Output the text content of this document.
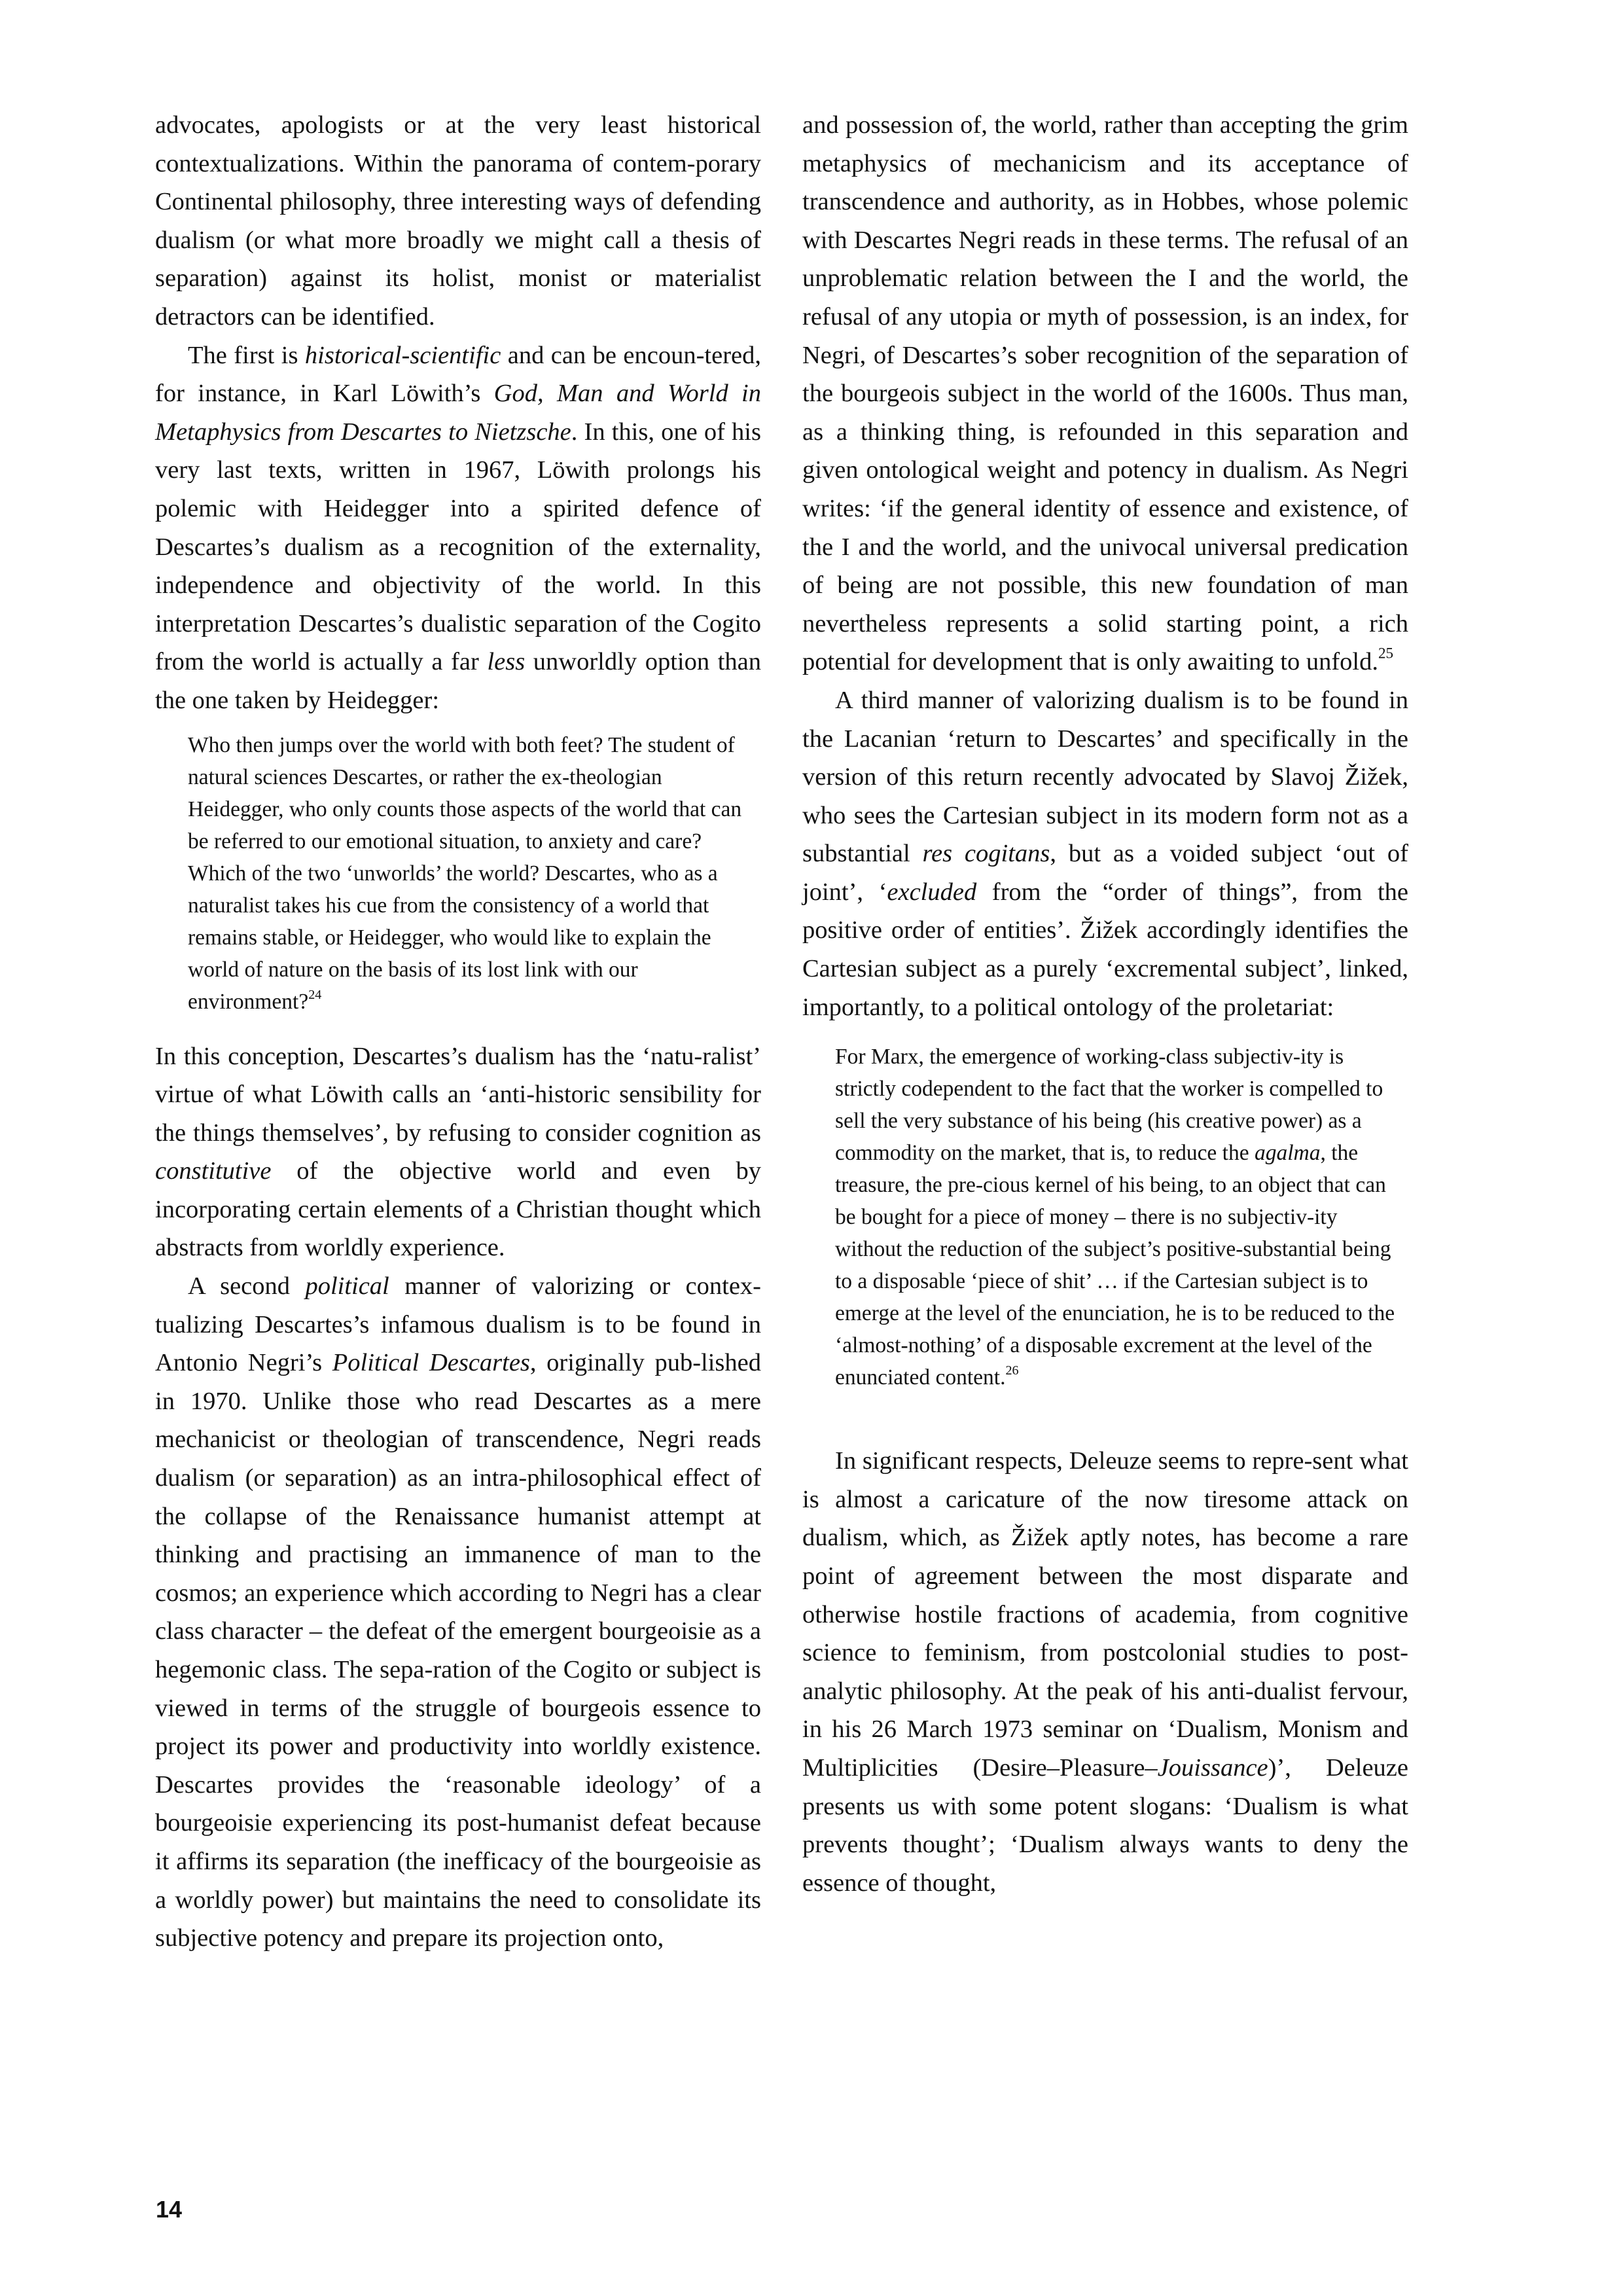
advocates, apologists or at the very least historical contextualizations. Within the panorama of contem-porary Continental philosophy, three interesting ways of defending dualism (or what more broadly we might call a thesis of separation) against its holist, monist or materialist detractors can be identified.

The first is historical-scientific and can be encoun-tered, for instance, in Karl Löwith’s God, Man and World in Metaphysics from Descartes to Nietzsche. In this, one of his very last texts, written in 1967, Löwith prolongs his polemic with Heidegger into a spirited defence of Descartes’s dualism as a recognition of the externality, independence and objectivity of the world. In this interpretation Descartes’s dualistic separation of the Cogito from the world is actually a far less unworldly option than the one taken by Heidegger:

Who then jumps over the world with both feet? The student of natural sciences Descartes, or rather the ex-theologian Heidegger, who only counts those aspects of the world that can be referred to our emotional situation, to anxiety and care? Which of the two ‘unworlds’ the world? Descartes, who as a naturalist takes his cue from the consistency of a world that remains stable, or Heidegger, who would like to explain the world of nature on the basis of its lost link with our environment?$^{24}$

In this conception, Descartes’s dualism has the ‘natu-ralist’ virtue of what Löwith calls an ‘anti-historic sensibility for the things themselves’, by refusing to consider cognition as constitutive of the objective world and even by incorporating certain elements of a Christian thought which abstracts from worldly experience.

A second political manner of valorizing or contex-tualizing Descartes’s infamous dualism is to be found in Antonio Negri’s Political Descartes, originally pub-lished in 1970. Unlike those who read Descartes as a mere mechanicist or theologian of transcendence, Negri reads dualism (or separation) as an intra-philosophical effect of the collapse of the Renaissance humanist attempt at thinking and practising an immanence of man to the cosmos; an experience which according to Negri has a clear class character – the defeat of the emergent bourgeoisie as a hegemonic class. The sepa-ration of the Cogito or subject is viewed in terms of the struggle of bourgeois essence to project its power and productivity into worldly existence. Descartes provides the ‘reasonable ideology’ of a bourgeoisie experiencing its post-humanist defeat because it affirms its separation (the inefficacy of the bourgeoisie as a worldly power) but maintains the need to consolidate its subjective potency and prepare its projection onto,

and possession of, the world, rather than accepting the grim metaphysics of mechanicism and its acceptance of transcendence and authority, as in Hobbes, whose polemic with Descartes Negri reads in these terms. The refusal of an unproblematic relation between the I and the world, the refusal of any utopia or myth of possession, is an index, for Negri, of Descartes’s sober recognition of the separation of the bourgeois subject in the world of the 1600s. Thus man, as a thinking thing, is refounded in this separation and given ontological weight and potency in dualism. As Negri writes: ‘if the general identity of essence and existence, of the I and the world, and the univocal universal predication of being are not possible, this new foundation of man nevertheless represents a solid starting point, a rich potential for development that is only awaiting to unfold.$^{25}$

A third manner of valorizing dualism is to be found in the Lacanian ‘return to Descartes’ and specifically in the version of this return recently advocated by Slavoj Žižek, who sees the Cartesian subject in its modern form not as a substantial res cogitans, but as a voided subject ‘out of joint’, ‘excluded from the “order of things”, from the positive order of entities’. Žižek accordingly identifies the Cartesian subject as a purely ‘excremental subject’, linked, importantly, to a political ontology of the proletariat:

For Marx, the emergence of working-class subjectiv-ity is strictly codependent to the fact that the worker is compelled to sell the very substance of his being (his creative power) as a commodity on the market, that is, to reduce the agalma, the treasure, the pre-cious kernel of his being, to an object that can be bought for a piece of money – there is no subjectiv-ity without the reduction of the subject’s positive-substantial being to a disposable ‘piece of shit’ … if the Cartesian subject is to emerge at the level of the enunciation, he is to be reduced to the ‘almost-nothing’ of a disposable excrement at the level of the enunciated content.$^{26}$

In significant respects, Deleuze seems to repre-sent what is almost a caricature of the now tiresome attack on dualism, which, as Žižek aptly notes, has become a rare point of agreement between the most disparate and otherwise hostile fractions of academia, from cognitive science to feminism, from postcolonial studies to post-analytic philosophy. At the peak of his anti-dualist fervour, in his 26 March 1973 seminar on ‘Dualism, Monism and Multiplicities (Desire–Pleasure–Jouissance)’, Deleuze presents us with some potent slogans: ‘Dualism is what prevents thought’; ‘Dualism always wants to deny the essence of thought,

14
